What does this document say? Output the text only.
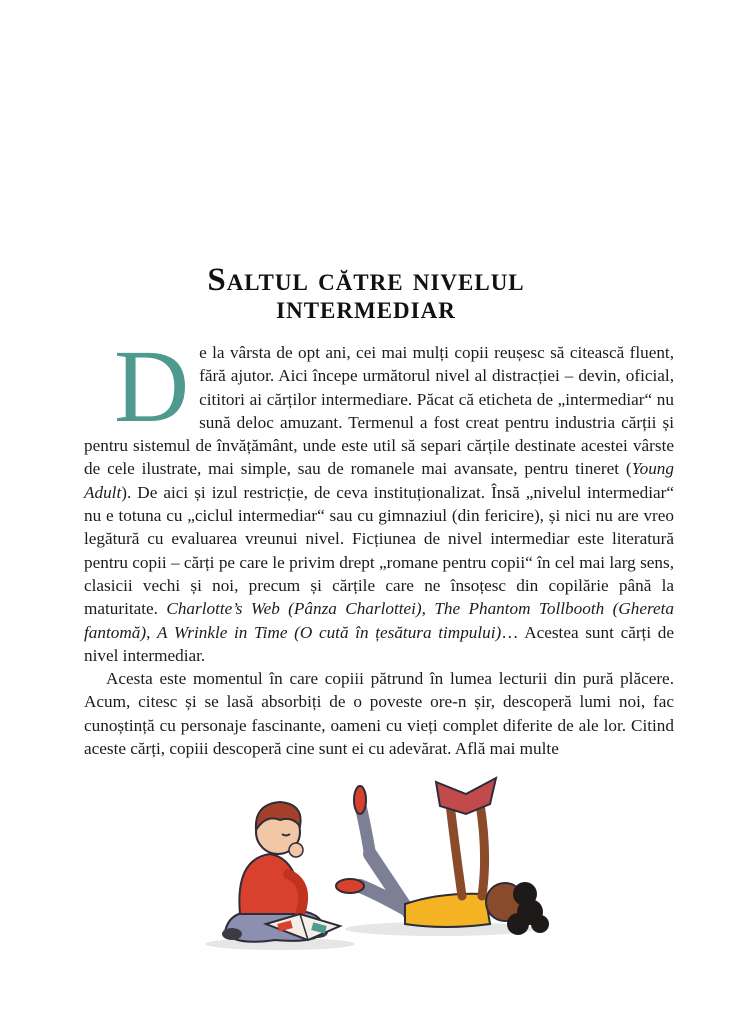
Saltul către nivelul
intermediar

De la vârsta de opt ani, cei mai mulți copii reușesc să citească fluent, fără ajutor. Aici începe următorul nivel al distracției – devin, oficial, cititori ai cărților intermediare. Păcat că eticheta de „intermediar“ nu sună deloc amuzant. Termenul a fost creat pentru industria cărții și pentru sistemul de învățământ, unde este util să separi cărțile destinate acestei vârste de cele ilustrate, mai simple, sau de romanele mai avansate, pentru tineret (Young Adult). De aici și izul restricție, de ceva instituționalizat. Însă „nivelul intermediar“ nu e totuna cu „ciclul intermediar“ sau cu gimnaziul (din fericire), și nici nu are vreo legătură cu evaluarea vreunui nivel. Ficțiunea de nivel intermediar este literatură pentru copii – cărți pe care le privim drept „romane pentru copii“ în cel mai larg sens, clasicii vechi și noi, precum și cărțile care ne însoțesc din copilărie până la maturitate. Charlotte’s Web (Pânza Charlottei), The Phantom Tollbooth (Ghereta fantomă), A Wrinkle in Time (O cută în țesătura timpului)… Acestea sunt cărți de nivel intermediar.

Acesta este momentul în care copiii pătrund în lumea lecturii din pură plăcere. Acum, citesc și se lasă absorbiți de o poveste ore-n șir, descoperă lumi noi, fac cunoștință cu personaje fascinante, oameni cu vieți complet diferite de ale lor. Citind aceste cărți, copiii descoperă cine sunt ei cu adevărat. Află mai multe
